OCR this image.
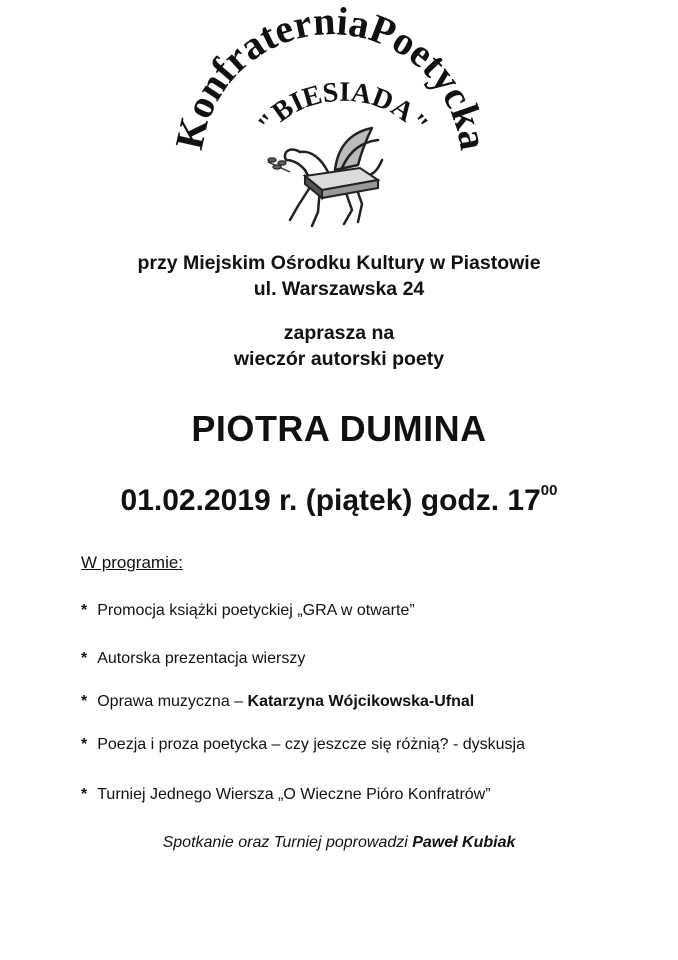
KonfraterniaPoetycka
"BIESIADA"
przy Miejskim Ośrodku Kultury w Piastowie
ul. Warszawska 24
zaprasza na
wieczór autorski poety
PIOTRA DUMINA
01.02.2019 r. (piątek) godz. $17^{00}$
W programie:
* Promocja książki poetyckiej „GRA w otwarte”
* Autorska prezentacja wierszy
* Oprawa muzyczna – Katarzyna Wójcikowska-Ufnal
* Poezja i proza poetycka – czy jeszcze się różnią? - dyskusja
* Turniej Jednego Wiersza „O Wieczne Pióro Konfratrów”
Spotkanie oraz Turniej poprowadzi Paweł Kubiak
